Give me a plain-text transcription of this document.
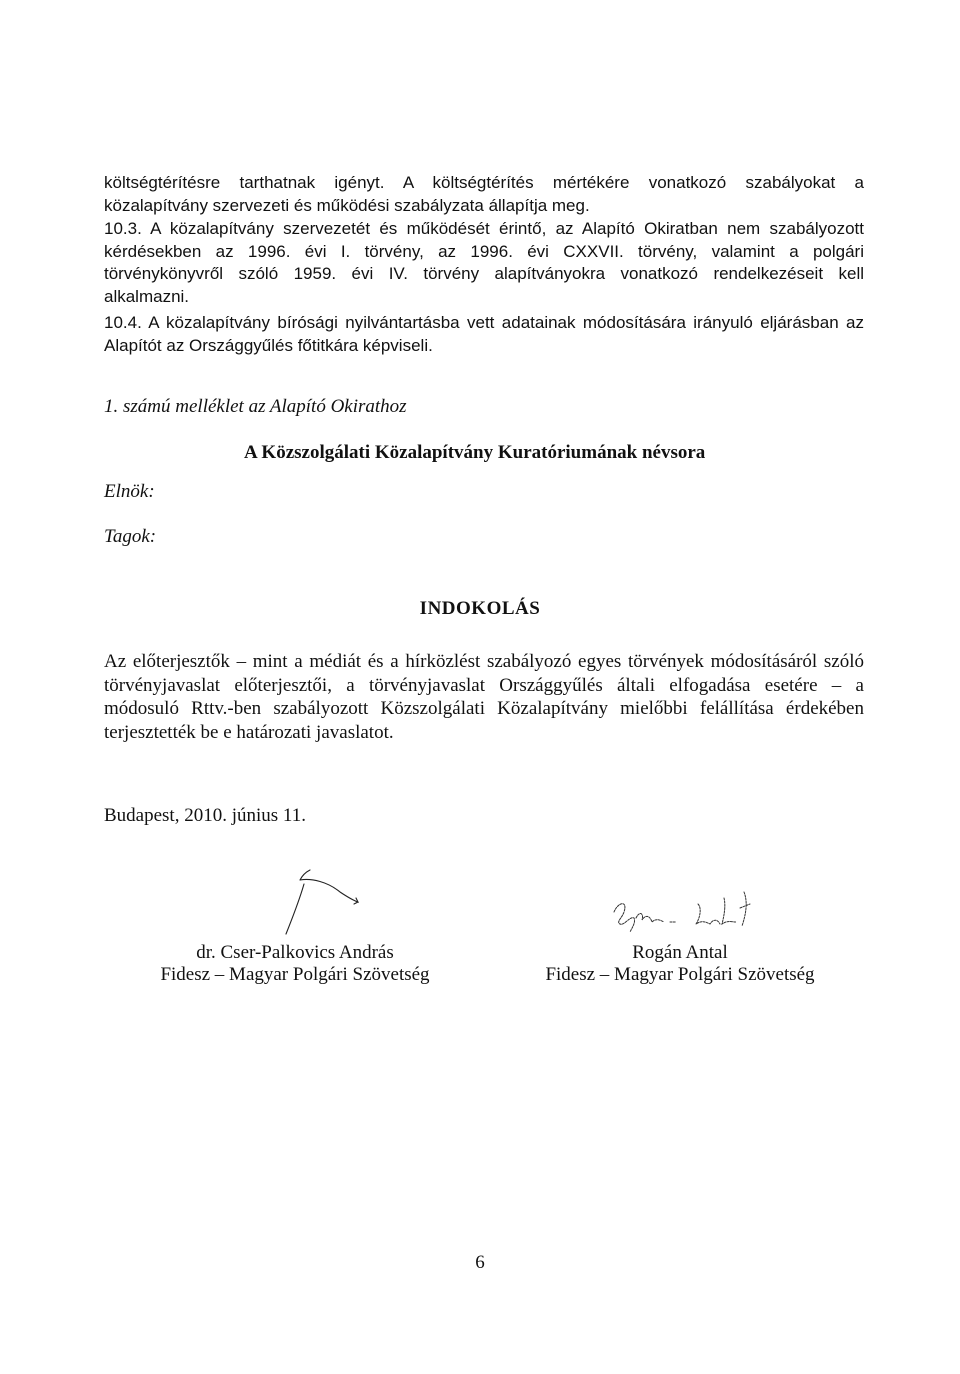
költségtérítésre tarthatnak igényt. A költségtérítés mértékére vonatkozó szabályokat a
közalapítvány szervezeti és működési szabályzata állapítja meg.
10.3. A közalapítvány szervezetét és működését érintő, az Alapító Okiratban nem szabályozott
kérdésekben az 1996. évi I. törvény, az 1996. évi CXXVII. törvény, valamint a polgári
törvénykönyvről szóló 1959. évi IV. törvény alapítványokra vonatkozó rendelkezéseit kell
alkalmazni.
10.4. A közalapítvány bírósági nyilvántartásba vett adatainak módosítására irányuló eljárásban az
Alapítót az Országgyűlés főtitkára képviseli.
1. számú melléklet az Alapító Okirathoz
A Közszolgálati Közalapítvány Kuratóriumának névsora
Elnök:
Tagok:
INDOKOLÁS
Az előterjesztők – mint a médiát és a hírközlést szabályozó egyes törvények módosításáról szóló
törvényjavaslat előterjesztői, a törvényjavaslat Országgyűlés általi elfogadása esetére – a
módosuló Rttv.-ben szabályozott Közszolgálati Közalapítvány mielőbbi felállítása érdekében
terjesztették be e határozati javaslatot.
Budapest, 2010. június 11.
dr. Cser-Palkovics András
Fidesz – Magyar Polgári Szövetség
Rogán Antal
Fidesz – Magyar Polgári Szövetség
6
